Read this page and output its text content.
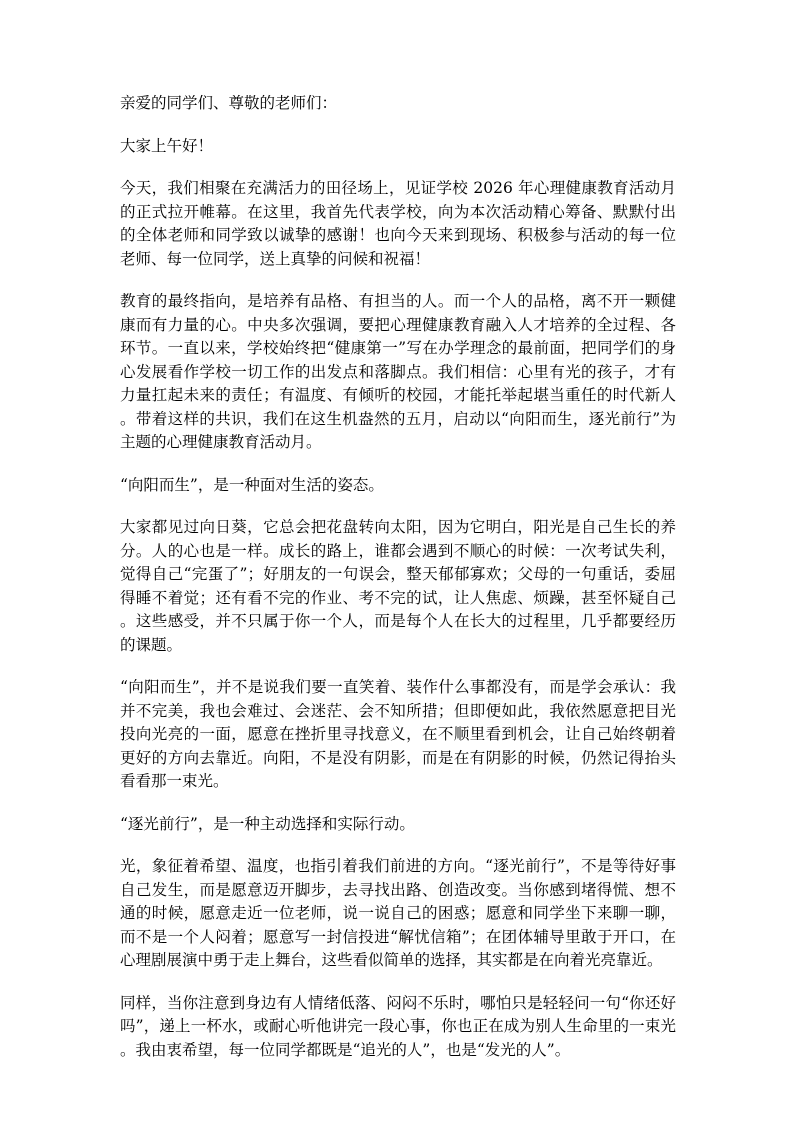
亲爱的同学们、尊敬的老师们：

大家上午好！

今天，我们相聚在充满活力的田径场上，见证学校 2026 年心理健康教育活动月的正式拉开帷幕。在这里，我首先代表学校，向为本次活动精心筹备、默默付出的全体老师和同学致以诚挚的感谢！也向今天来到现场、积极参与活动的每一位老师、每一位同学，送上真挚的问候和祝福！

教育的最终指向，是培养有品格、有担当的人。而一个人的品格，离不开一颗健康而有力量的心。中央多次强调，要把心理健康教育融入人才培养的全过程、各环节。一直以来，学校始终把“健康第一”写在办学理念的最前面，把同学们的身心发展看作学校一切工作的出发点和落脚点。我们相信：心里有光的孩子，才有力量扛起未来的责任；有温度、有倾听的校园，才能托举起堪当重任的时代新人。带着这样的共识，我们在这生机盎然的五月，启动以“向阳而生，逐光前行”为主题的心理健康教育活动月。

“向阳而生”，是一种面对生活的姿态。

大家都见过向日葵，它总会把花盘转向太阳，因为它明白，阳光是自己生长的养分。人的心也是一样。成长的路上，谁都会遇到不顺心的时候：一次考试失利，觉得自己“完蛋了”；好朋友的一句误会，整天郁郁寡欢；父母的一句重话，委屈得睡不着觉；还有看不完的作业、考不完的试，让人焦虑、烦躁，甚至怀疑自己。这些感受，并不只属于你一个人，而是每个人在长大的过程里，几乎都要经历的课题。

“向阳而生”，并不是说我们要一直笑着、装作什么事都没有，而是学会承认：我并不完美，我也会难过、会迷茫、会不知所措；但即便如此，我依然愿意把目光投向光亮的一面，愿意在挫折里寻找意义，在不顺里看到机会，让自己始终朝着更好的方向去靠近。向阳，不是没有阴影，而是在有阴影的时候，仍然记得抬头看看那一束光。

“逐光前行”，是一种主动选择和实际行动。

光，象征着希望、温度，也指引着我们前进的方向。“逐光前行”，不是等待好事自己发生，而是愿意迈开脚步，去寻找出路、创造改变。当你感到堵得慌、想不通的时候，愿意走近一位老师，说一说自己的困惑；愿意和同学坐下来聊一聊，而不是一个人闷着；愿意写一封信投进“解忧信箱”；在团体辅导里敢于开口，在心理剧展演中勇于走上舞台，这些看似简单的选择，其实都是在向着光亮靠近。

同样，当你注意到身边有人情绪低落、闷闷不乐时，哪怕只是轻轻问一句“你还好吗”，递上一杯水，或耐心听他讲完一段心事，你也正在成为别人生命里的一束光。我由衷希望，每一位同学都既是“追光的人”，也是“发光的人”。
